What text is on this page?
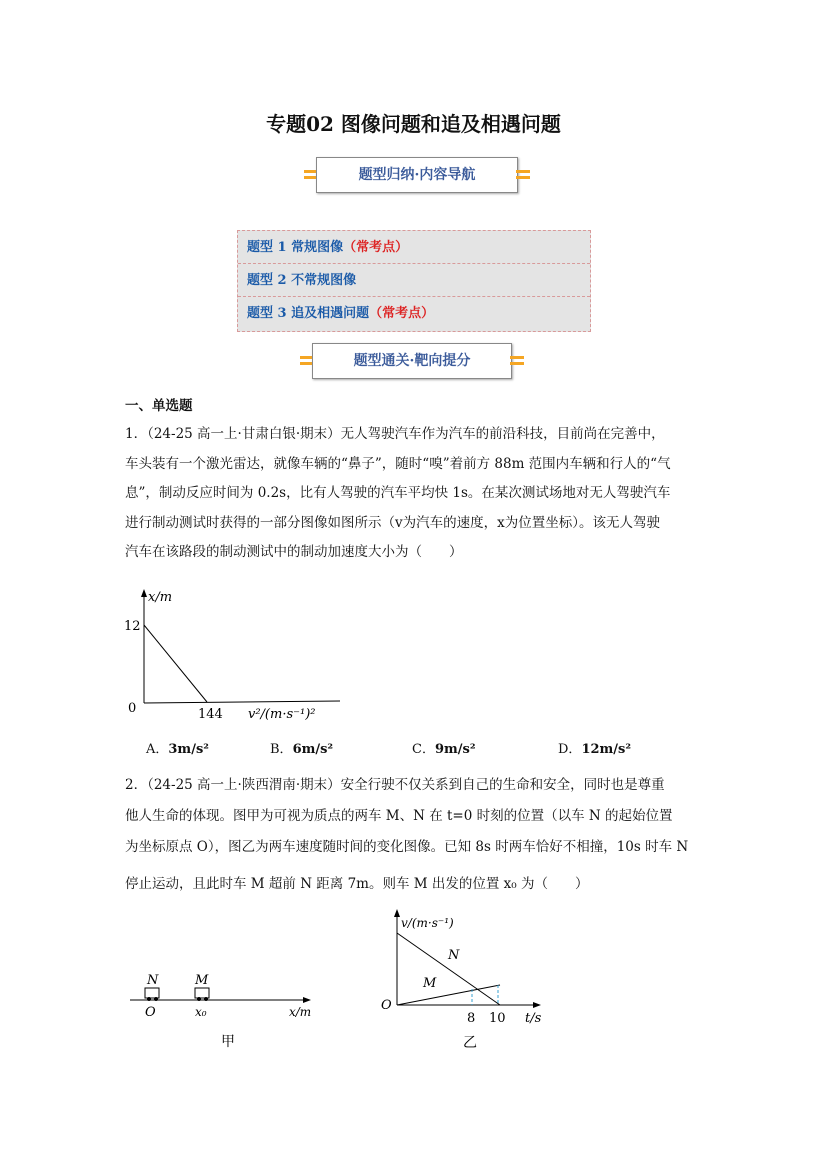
专题02 图像问题和追及相遇问题
题型归纳·内容导航
题型 1 常规图像（常考点）
题型 2 不常规图像
题型 3 追及相遇问题（常考点）
题型通关·靶向提分
一、单选题
1．（24-25 高一上·甘肃白银·期末）无人驾驶汽车作为汽车的前沿科技，目前尚在完善中，
车头装有一个激光雷达，就像车辆的“鼻子”，随时“嗅”着前方 88m 范围内车辆和行人的“气
息”，制动反应时间为 0.2s，比有人驾驶的汽车平均快 1s。在某次测试场地对无人驾驶汽车
进行制动测试时获得的一部分图像如图所示（v为汽车的速度，x为位置坐标）。该无人驾驶
汽车在该路段的制动测试中的制动加速度大小为（　　）
x/m
12
0	144 v²/(m·s⁻¹)²
A．3m/s²	B．6m/s²	C．9m/s²	D．12m/s²
2．（24-25 高一上·陕西渭南·期末）安全行驶不仅关系到自己的生命和安全，同时也是尊重
他人生命的体现。图甲为可视为质点的两车 M、N 在 t=0 时刻的位置（以车 N 的起始位置
为坐标原点 O），图乙为两车速度随时间的变化图像。已知 8s 时两车恰好不相撞，10s 时车 N
停止运动，且此时车 M 超前 N 距离 7m。则车 M 出发的位置 x₀ 为（　　）
N	M
O	x₀	x/m
甲
v/(m·s⁻¹)
N
M
O
8 10 t/s
乙
